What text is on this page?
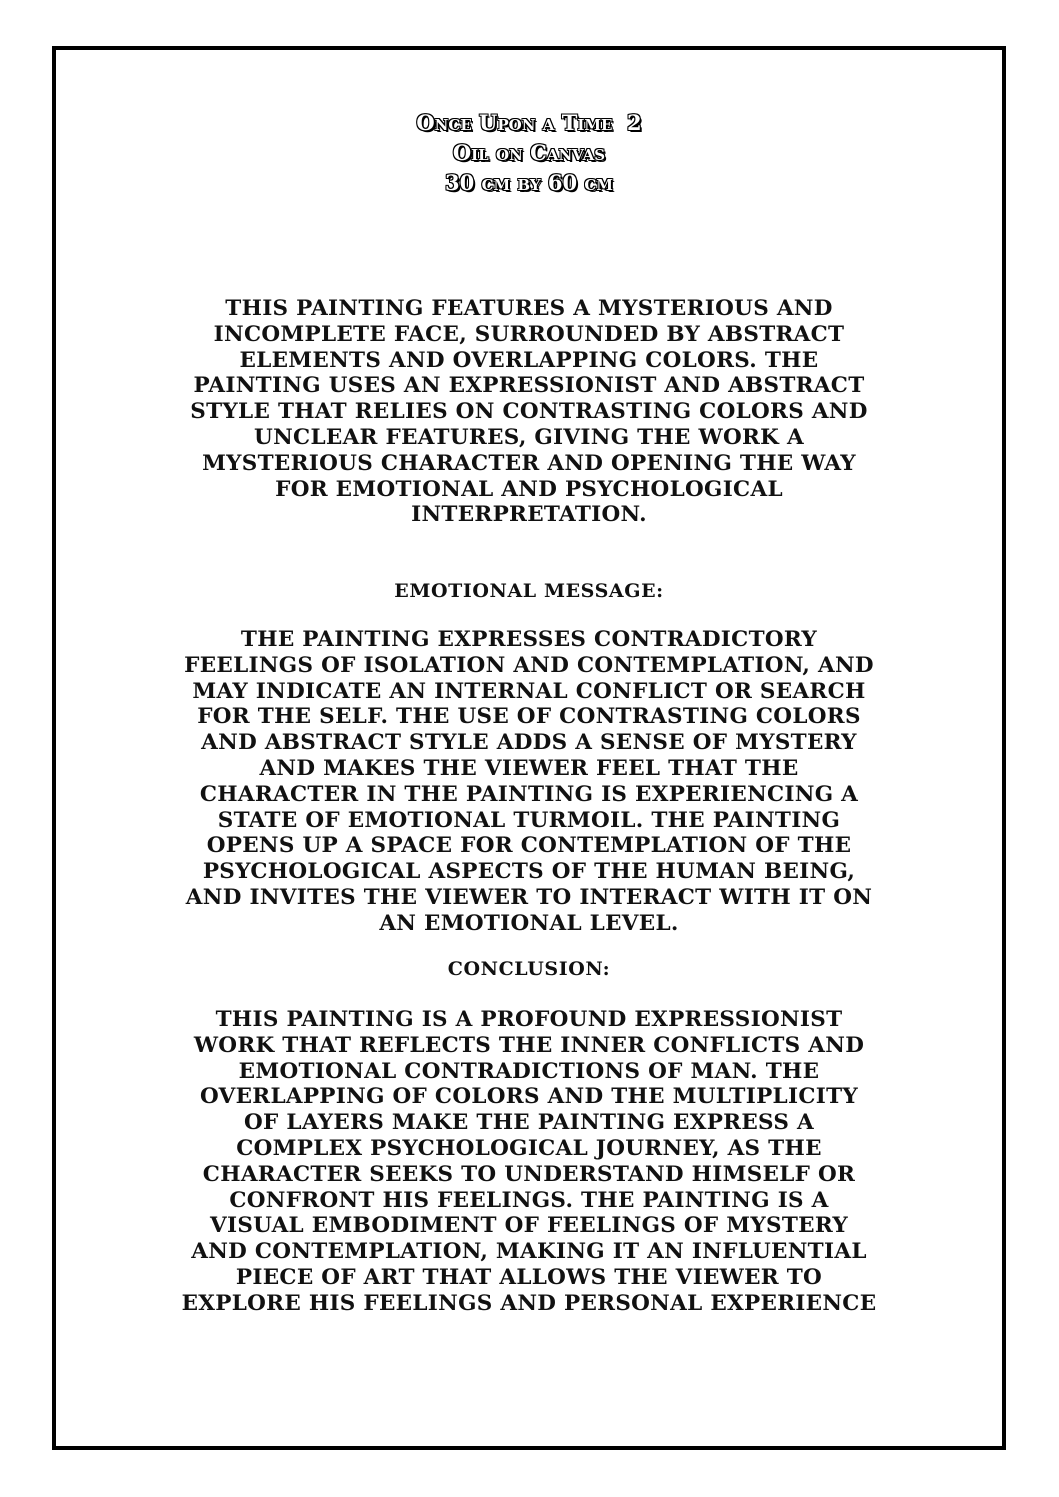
Once Upon a Time  2
Oil on Canvas
30 cm by 60 cm
THIS PAINTING FEATURES A MYSTERIOUS AND
INCOMPLETE FACE, SURROUNDED BY ABSTRACT
ELEMENTS AND OVERLAPPING COLORS. THE
PAINTING USES AN EXPRESSIONIST AND ABSTRACT
STYLE THAT RELIES ON CONTRASTING COLORS AND
UNCLEAR FEATURES, GIVING THE WORK A
MYSTERIOUS CHARACTER AND OPENING THE WAY
FOR EMOTIONAL AND PSYCHOLOGICAL
INTERPRETATION.
EMOTIONAL MESSAGE:
THE PAINTING EXPRESSES CONTRADICTORY
FEELINGS OF ISOLATION AND CONTEMPLATION, AND
MAY INDICATE AN INTERNAL CONFLICT OR SEARCH
FOR THE SELF. THE USE OF CONTRASTING COLORS
AND ABSTRACT STYLE ADDS A SENSE OF MYSTERY
AND MAKES THE VIEWER FEEL THAT THE
CHARACTER IN THE PAINTING IS EXPERIENCING A
STATE OF EMOTIONAL TURMOIL. THE PAINTING
OPENS UP A SPACE FOR CONTEMPLATION OF THE
PSYCHOLOGICAL ASPECTS OF THE HUMAN BEING,
AND INVITES THE VIEWER TO INTERACT WITH IT ON
AN EMOTIONAL LEVEL.
CONCLUSION:
THIS PAINTING IS A PROFOUND EXPRESSIONIST
WORK THAT REFLECTS THE INNER CONFLICTS AND
EMOTIONAL CONTRADICTIONS OF MAN. THE
OVERLAPPING OF COLORS AND THE MULTIPLICITY
OF LAYERS MAKE THE PAINTING EXPRESS A
COMPLEX PSYCHOLOGICAL JOURNEY, AS THE
CHARACTER SEEKS TO UNDERSTAND HIMSELF OR
CONFRONT HIS FEELINGS. THE PAINTING IS A
VISUAL EMBODIMENT OF FEELINGS OF MYSTERY
AND CONTEMPLATION, MAKING IT AN INFLUENTIAL
PIECE OF ART THAT ALLOWS THE VIEWER TO
EXPLORE HIS FEELINGS AND PERSONAL EXPERIENCE
